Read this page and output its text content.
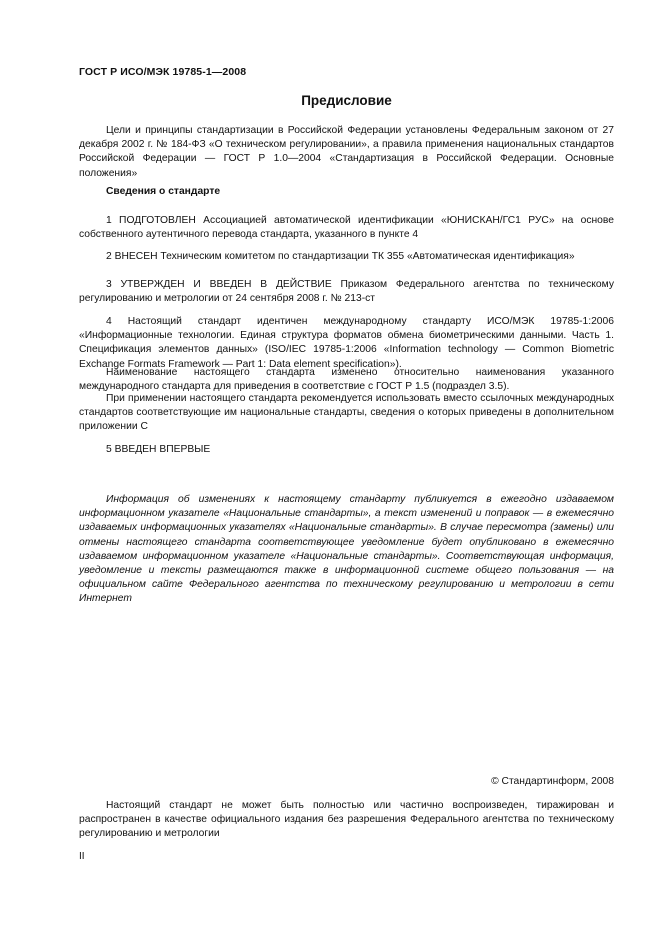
ГОСТ Р ИСО/МЭК 19785-1—2008
Предисловие

Цели и принципы стандартизации в Российской Федерации установлены Федеральным законом от 27 декабря 2002 г. № 184-ФЗ «О техническом регулировании», а правила применения национальных стандартов Российской Федерации — ГОСТ Р 1.0—2004 «Стандартизация в Российской Федерации. Основные положения»

Сведения о стандарте

1 ПОДГОТОВЛЕН Ассоциацией автоматической идентификации «ЮНИСКАН/ГС1 РУС» на основе собственного аутентичного перевода стандарта, указанного в пункте 4

2 ВНЕСЕН Техническим комитетом по стандартизации ТК 355 «Автоматическая идентификация»

3 УТВЕРЖДЕН И ВВЕДЕН В ДЕЙСТВИЕ Приказом Федерального агентства по техническому регулированию и метрологии от 24 сентября 2008 г. № 213-ст

4 Настоящий стандарт идентичен международному стандарту ИСО/МЭК 19785-1:2006 «Информационные технологии. Единая структура форматов обмена биометрическими данными. Часть 1. Спецификация элементов данных» (ISO/IEC 19785-1:2006 «Information technology — Common Biometric Exchange Formats Framework — Part 1: Data element specification»).

Наименование настоящего стандарта изменено относительно наименования указанного международного стандарта для приведения в соответствие с ГОСТ Р 1.5 (подраздел 3.5).

При применении настоящего стандарта рекомендуется использовать вместо ссылочных международных стандартов соответствующие им национальные стандарты, сведения о которых приведены в дополнительном приложении С

5 ВВЕДЕН ВПЕРВЫЕ

Информация об изменениях к настоящему стандарту публикуется в ежегодно издаваемом информационном указателе «Национальные стандарты», а текст изменений и поправок — в ежемесячно издаваемых информационных указателях «Национальные стандарты». В случае пересмотра (замены) или отмены настоящего стандарта соответствующее уведомление будет опубликовано в ежемесячно издаваемом информационном указателе «Национальные стандарты». Соответствующая информация, уведомление и тексты размещаются также в информационной системе общего пользования — на официальном сайте Федерального агентства по техническому регулированию и метрологии в сети Интернет

© Стандартинформ, 2008

Настоящий стандарт не может быть полностью или частично воспроизведен, тиражирован и распространен в качестве официального издания без разрешения Федерального агентства по техническому регулированию и метрологии

II
